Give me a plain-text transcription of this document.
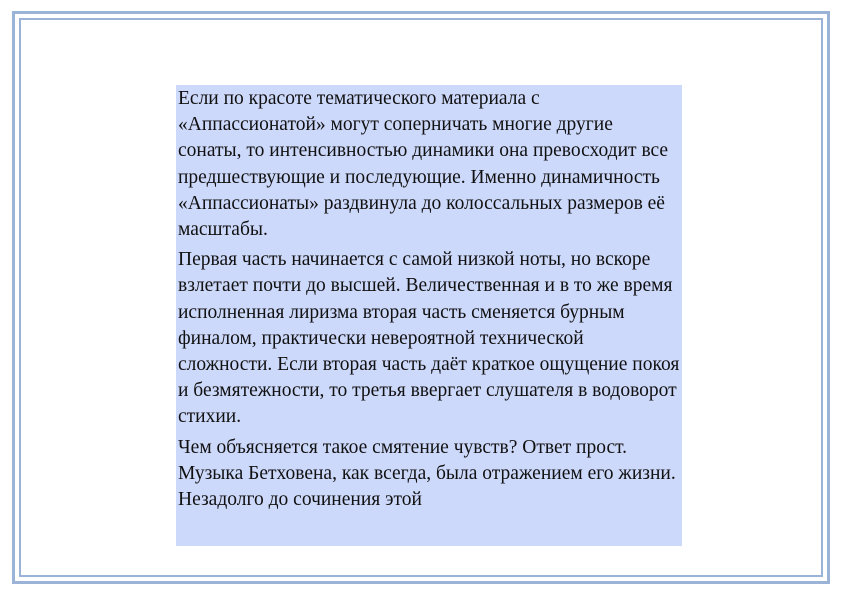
Если по красоте тематического материала с «Аппассионатой» могут соперничать многие другие сонаты, то интенсивностью динамики она превосходит все предшествующие и последующие. Именно динамичность «Аппассионаты» раздвинула до колоссальных размеров её масштабы.

Первая часть начинается с самой низкой ноты, но вскоре взлетает почти до высшей. Величественная и в то же время исполненная лиризма вторая часть сменяется бурным финалом, практически невероятной технической сложности. Если вторая часть даёт краткое ощущение покоя и безмятежности, то третья ввергает слушателя в водоворот стихии.

Чем объясняется такое смятение чувств? Ответ прост. Музыка Бетховена, как всегда, была отражением его жизни. Незадолго до сочинения этой
